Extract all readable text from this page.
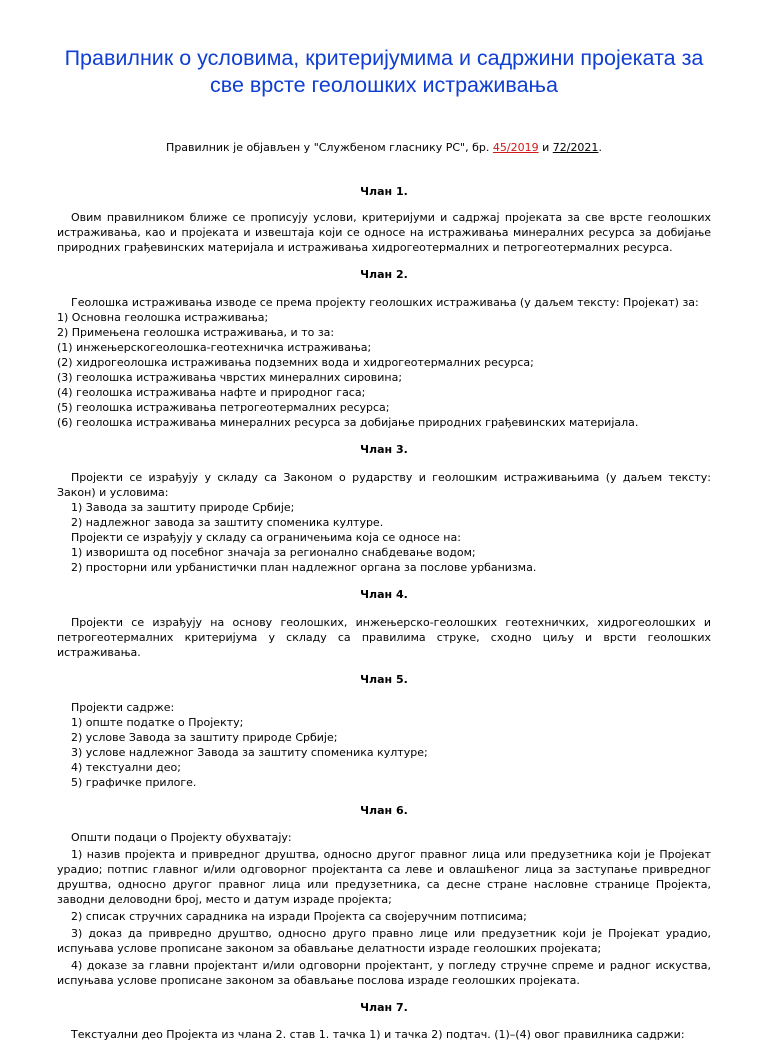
Правилник о условима, критеријумима и садржини пројеката за
све врсте геолошких истраживања

Правилник је објављен у "Службеном гласнику РС", бр. 45/2019 и 72/2021.

Члан 1.

Овим правилником ближе се прописују услови, критеријуми и садржај пројеката за све врсте геолошких истраживања, као и пројеката и извештаја који се односе на истраживања минералних ресурса за добијање природних грађевинских материјала и истраживања хидрогеотермалних и петрогеотермалних ресурса.

Члан 2.

Геолошка истраживања изводе се према пројекту геолошких истраживања (у даљем тексту: Пројекат) за:

1) Основна геолошка истраживања;

2) Примењена геолошка истраживања, и то за:

(1) инжењерскогеолошка-геотехничка истраживања;

(2) хидрогеолошка истраживања подземних вода и хидрогеотермалних ресурса;

(3) геолошка истраживања чврстих минералних сировина;

(4) геолошка истраживања нафте и природног гаса;

(5) геолошка истраживања петрогеотермалних ресурса;

(6) геолошка истраживања минералних ресурса за добијање природних грађевинских материјала.

Члан 3.

Пројекти се израђују у складу са Законом о рударству и геолошким истраживањима (у даљем тексту: Закон) и условима:

1) Завода за заштиту природе Србије;

2) надлежног завода за заштиту споменика културе.

Пројекти се израђују у складу са ограничењима која се односе на:

1) изворишта од посебног значаја за регионално снабдевање водом;

2) просторни или урбанистички план надлежног органа за послове урбанизма.

Члан 4.

Пројекти се израђују на основу геолошких, инжењерско-геолошких геотехничких, хидрогеолошких и петрогеотермалних критеријума у складу са правилима струке, сходно циљу и врсти геолошких истраживања.

Члан 5.

Пројекти садрже:

1) опште податке о Пројекту;

2) услове Завода за заштиту природе Србије;

3) услове надлежног Завода за заштиту споменика културе;

4) текстуални део;

5) графичке прилоге.

Члан 6.

Општи подаци о Пројекту обухватају:

1) назив пројекта и привредног друштва, односно другог правног лица или предузетника који је Пројекат урадио; потпис главног и/или одговорног пројектанта са леве и овлашћеног лица за заступање привредног друштва, односно другог правног лица или предузетника, са десне стране насловне странице Пројекта, заводни деловодни број, место и датум израде пројекта;

2) списак стручних сарадника на изради Пројекта са својеручним потписима;

3) доказ да привредно друштво, односно друго правно лице или предузетник који је Пројекат урадио, испуњава услове прописане законом за обављање делатности израде геолошких пројеката;

4) доказе за главни пројектант и/или одговорни пројектант, у погледу стручне спреме и радног искуства, испуњава услове прописане законом за обављање послова израде геолошких пројеката.

Члан 7.

Текстуални део Пројекта из члана 2. став 1. тачка 1) и тачка 2) подтач. (1)–(4) овог правилника садржи:
